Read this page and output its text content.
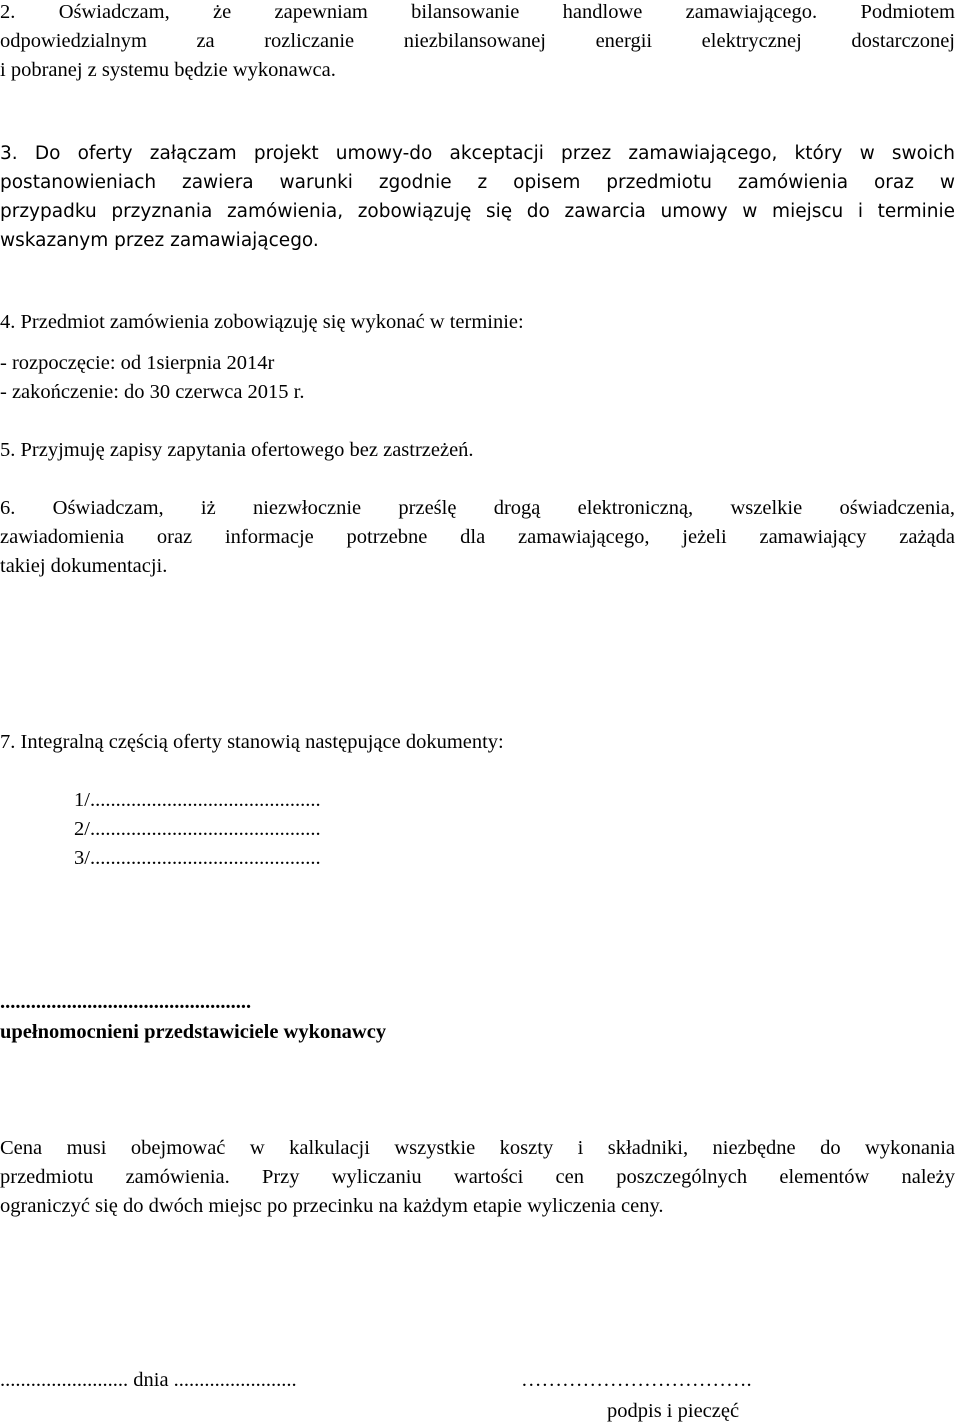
2. Oświadczam, że zapewniam bilansowanie handlowe zamawiającego. Podmiotem

odpowiedzialnym za rozliczanie niezbilansowanej energii elektrycznej dostarczonej

i pobranej z systemu będzie wykonawca.

3. Do oferty załączam projekt umowy-do akceptacji przez zamawiającego, który w swoich

postanowieniach zawiera warunki zgodnie z opisem przedmiotu zamówienia oraz w

przypadku przyznania zamówienia, zobowiązuję się do zawarcia umowy w miejscu i terminie

wskazanym przez zamawiającego.

4. Przedmiot zamówienia zobowiązuję się wykonać w terminie:

- rozpoczęcie: od 1sierpnia 2014r

- zakończenie: do 30 czerwca 2015 r.

5. Przyjmuję zapisy zapytania ofertowego bez zastrzeżeń.

6. Oświadczam, iż niezwłocznie prześlę drogą elektroniczną, wszelkie oświadczenia,

zawiadomienia oraz informacje potrzebne dla zamawiającego, jeżeli zamawiający zażąda

takiej dokumentacji.

7. Integralną częścią oferty stanowią następujące dokumenty:

1/.............................................

2/.............................................

3/.............................................

.................................................

upełnomocnieni przedstawiciele wykonawcy

Cena musi obejmować w kalkulacji wszystkie koszty i składniki, niezbędne do wykonania

przedmiotu zamówienia. Przy wyliczaniu wartości cen poszczególnych elementów należy

ograniczyć się do dwóch miejsc po przecinku na każdym etapie wyliczenia ceny.

......................... dnia ........................	…………………………….

podpis i pieczęć
